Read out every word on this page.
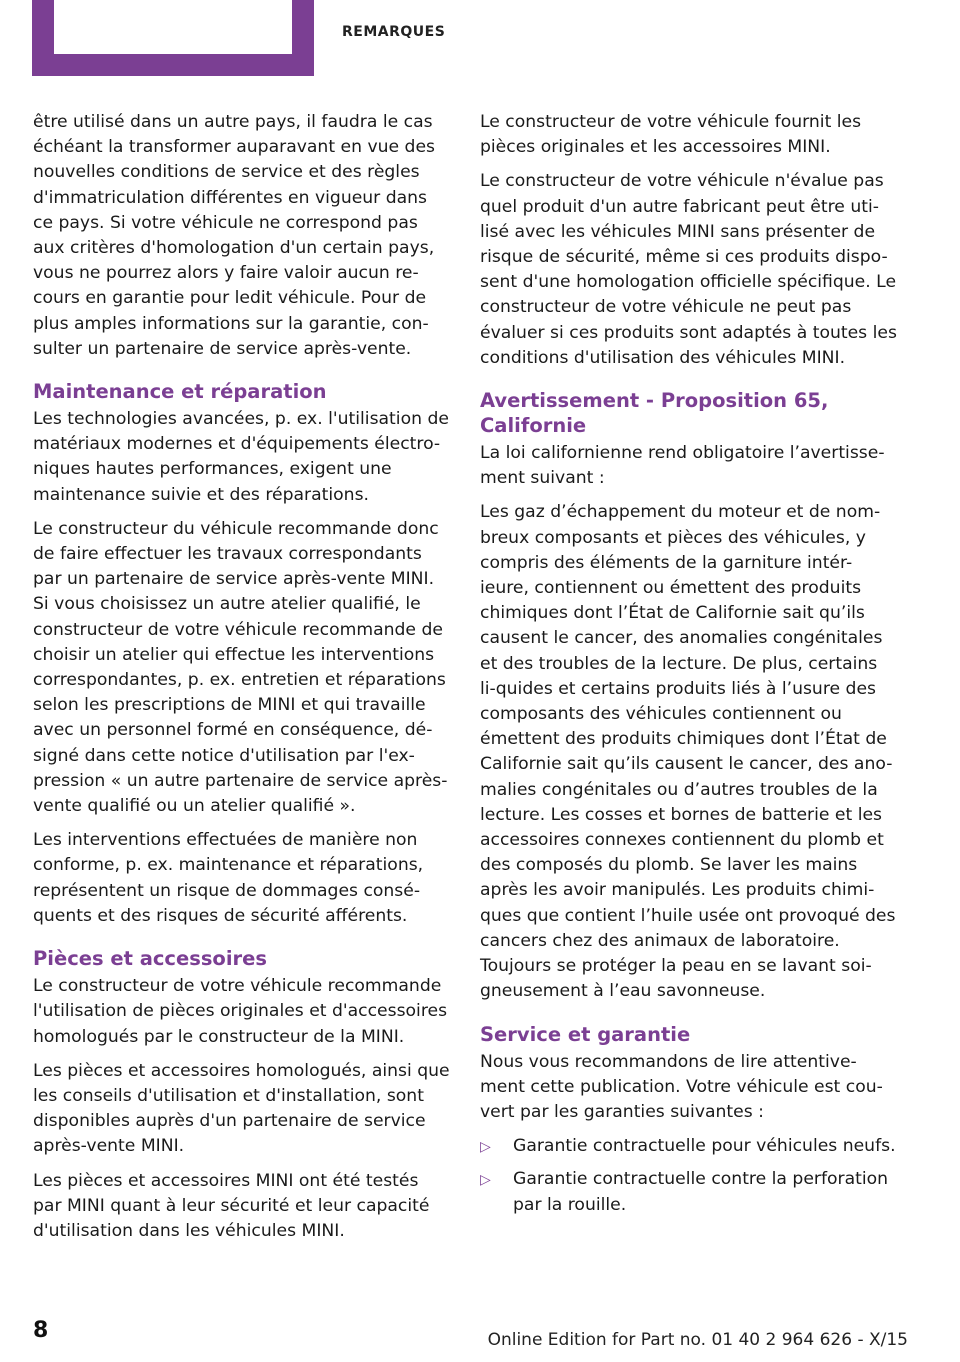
REMARQUES

être utilisé dans un autre pays, il faudra le cas échéant la transformer auparavant en vue des nouvelles conditions de service et des règles d'immatriculation différentes en vigueur dans ce pays. Si votre véhicule ne correspond pas aux critères d'homologation d'un certain pays, vous ne pourrez alors y faire valoir aucun re-cours en garantie pour ledit véhicule. Pour de plus amples informations sur la garantie, con-sulter un partenaire de service après-vente.

Maintenance et réparation

Les technologies avancées, p. ex. l'utilisation de matériaux modernes et d'équipements électro-niques hautes performances, exigent une maintenance suivie et des réparations.

Le constructeur du véhicule recommande donc de faire effectuer les travaux correspondants par un partenaire de service après-vente MINI. Si vous choisissez un autre atelier qualifié, le constructeur de votre véhicule recommande de choisir un atelier qui effectue les interventions correspondantes, p. ex. entretien et réparations selon les prescriptions de MINI et qui travaille avec un personnel formé en conséquence, dé-signé dans cette notice d'utilisation par l'ex-pression « un autre partenaire de service après-vente qualifié ou un atelier qualifié ».

Les interventions effectuées de manière non conforme, p. ex. maintenance et réparations, représentent un risque de dommages consé-quents et des risques de sécurité afférents.

Pièces et accessoires

Le constructeur de votre véhicule recommande l'utilisation de pièces originales et d'accessoires homologués par le constructeur de la MINI.

Les pièces et accessoires homologués, ainsi que les conseils d'utilisation et d'installation, sont disponibles auprès d'un partenaire de service après-vente MINI.

Les pièces et accessoires MINI ont été testés par MINI quant à leur sécurité et leur capacité d'utilisation dans les véhicules MINI.

Le constructeur de votre véhicule fournit les pièces originales et les accessoires MINI.

Le constructeur de votre véhicule n'évalue pas quel produit d'un autre fabricant peut être uti-lisé avec les véhicules MINI sans présenter de risque de sécurité, même si ces produits dispo-sent d'une homologation officielle spécifique. Le constructeur de votre véhicule ne peut pas évaluer si ces produits sont adaptés à toutes les conditions d'utilisation des véhicules MINI.

Avertissement - Proposition 65, Californie

La loi californienne rend obligatoire l’avertisse-ment suivant :

Les gaz d’échappement du moteur et de nom-breux composants et pièces des véhicules, y compris des éléments de la garniture intér-ieure, contiennent ou émettent des produits chimiques dont l’État de Californie sait qu’ils causent le cancer, des anomalies congénitales et des troubles de la lecture. De plus, certains li-quides et certains produits liés à l’usure des composants des véhicules contiennent ou émettent des produits chimiques dont l’État de Californie sait qu’ils causent le cancer, des ano-malies congénitales ou d’autres troubles de la lecture. Les cosses et bornes de batterie et les accessoires connexes contiennent du plomb et des composés du plomb. Se laver les mains après les avoir manipulés. Les produits chimi-ques que contient l’huile usée ont provoqué des cancers chez des animaux de laboratoire. Toujours se protéger la peau en se lavant soi-gneusement à l’eau savonneuse.

Service et garantie

Nous vous recommandons de lire attentive-ment cette publication. Votre véhicule est cou-vert par les garanties suivantes :

▷ Garantie contractuelle pour véhicules neufs.
▷ Garantie contractuelle contre la perforation par la rouille.
8	Online Edition for Part no. 01 40 2 964 626 - X/15
